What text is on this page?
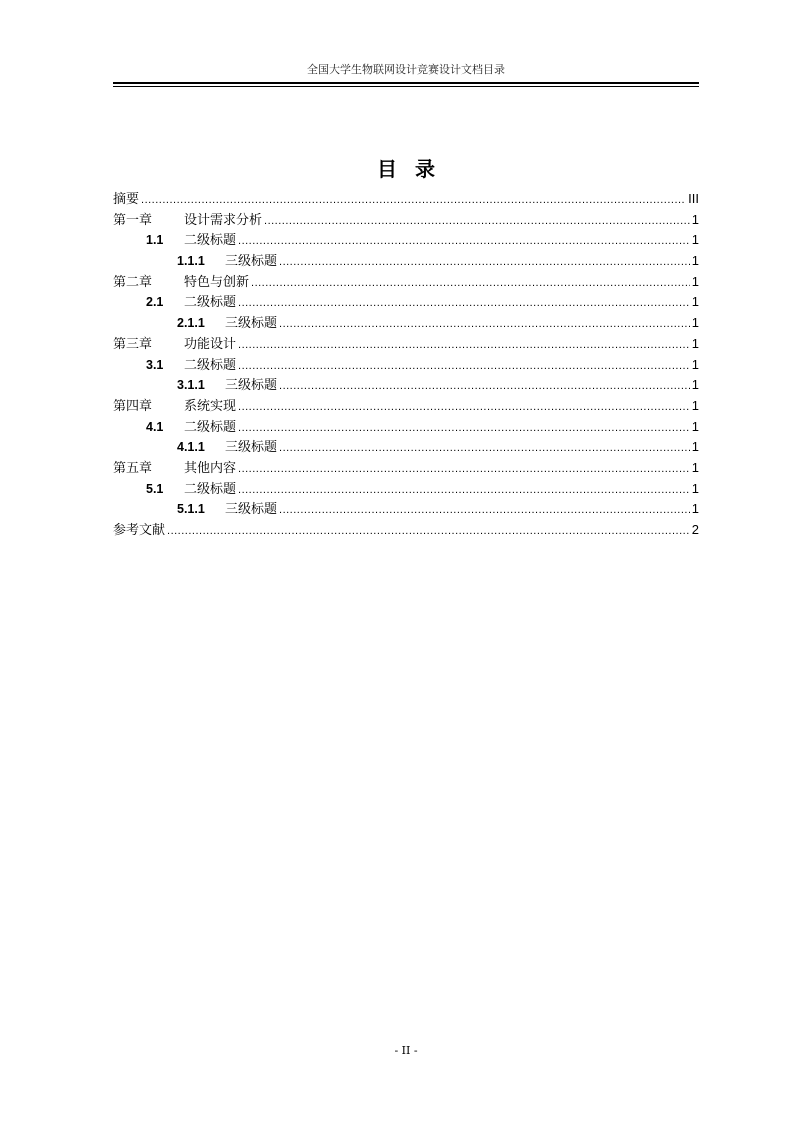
全国大学生物联网设计竞赛设计文档目录
目录
摘要 .....	III
第一章	设计需求分析 .....	1
1.1	二级标题 .....	1
1.1.1	三级标题 .....	1
第二章	特色与创新 .....	1
2.1	二级标题 .....	1
2.1.1	三级标题 .....	1
第三章	功能设计 .....	1
3.1	二级标题 .....	1
3.1.1	三级标题 .....	1
第四章	系统实现 .....	1
4.1	二级标题 .....	1
4.1.1	三级标题 .....	1
第五章	其他内容 .....	1
5.1	二级标题 .....	1
5.1.1	三级标题 .....	1
参考文献 .....	2
- II -
